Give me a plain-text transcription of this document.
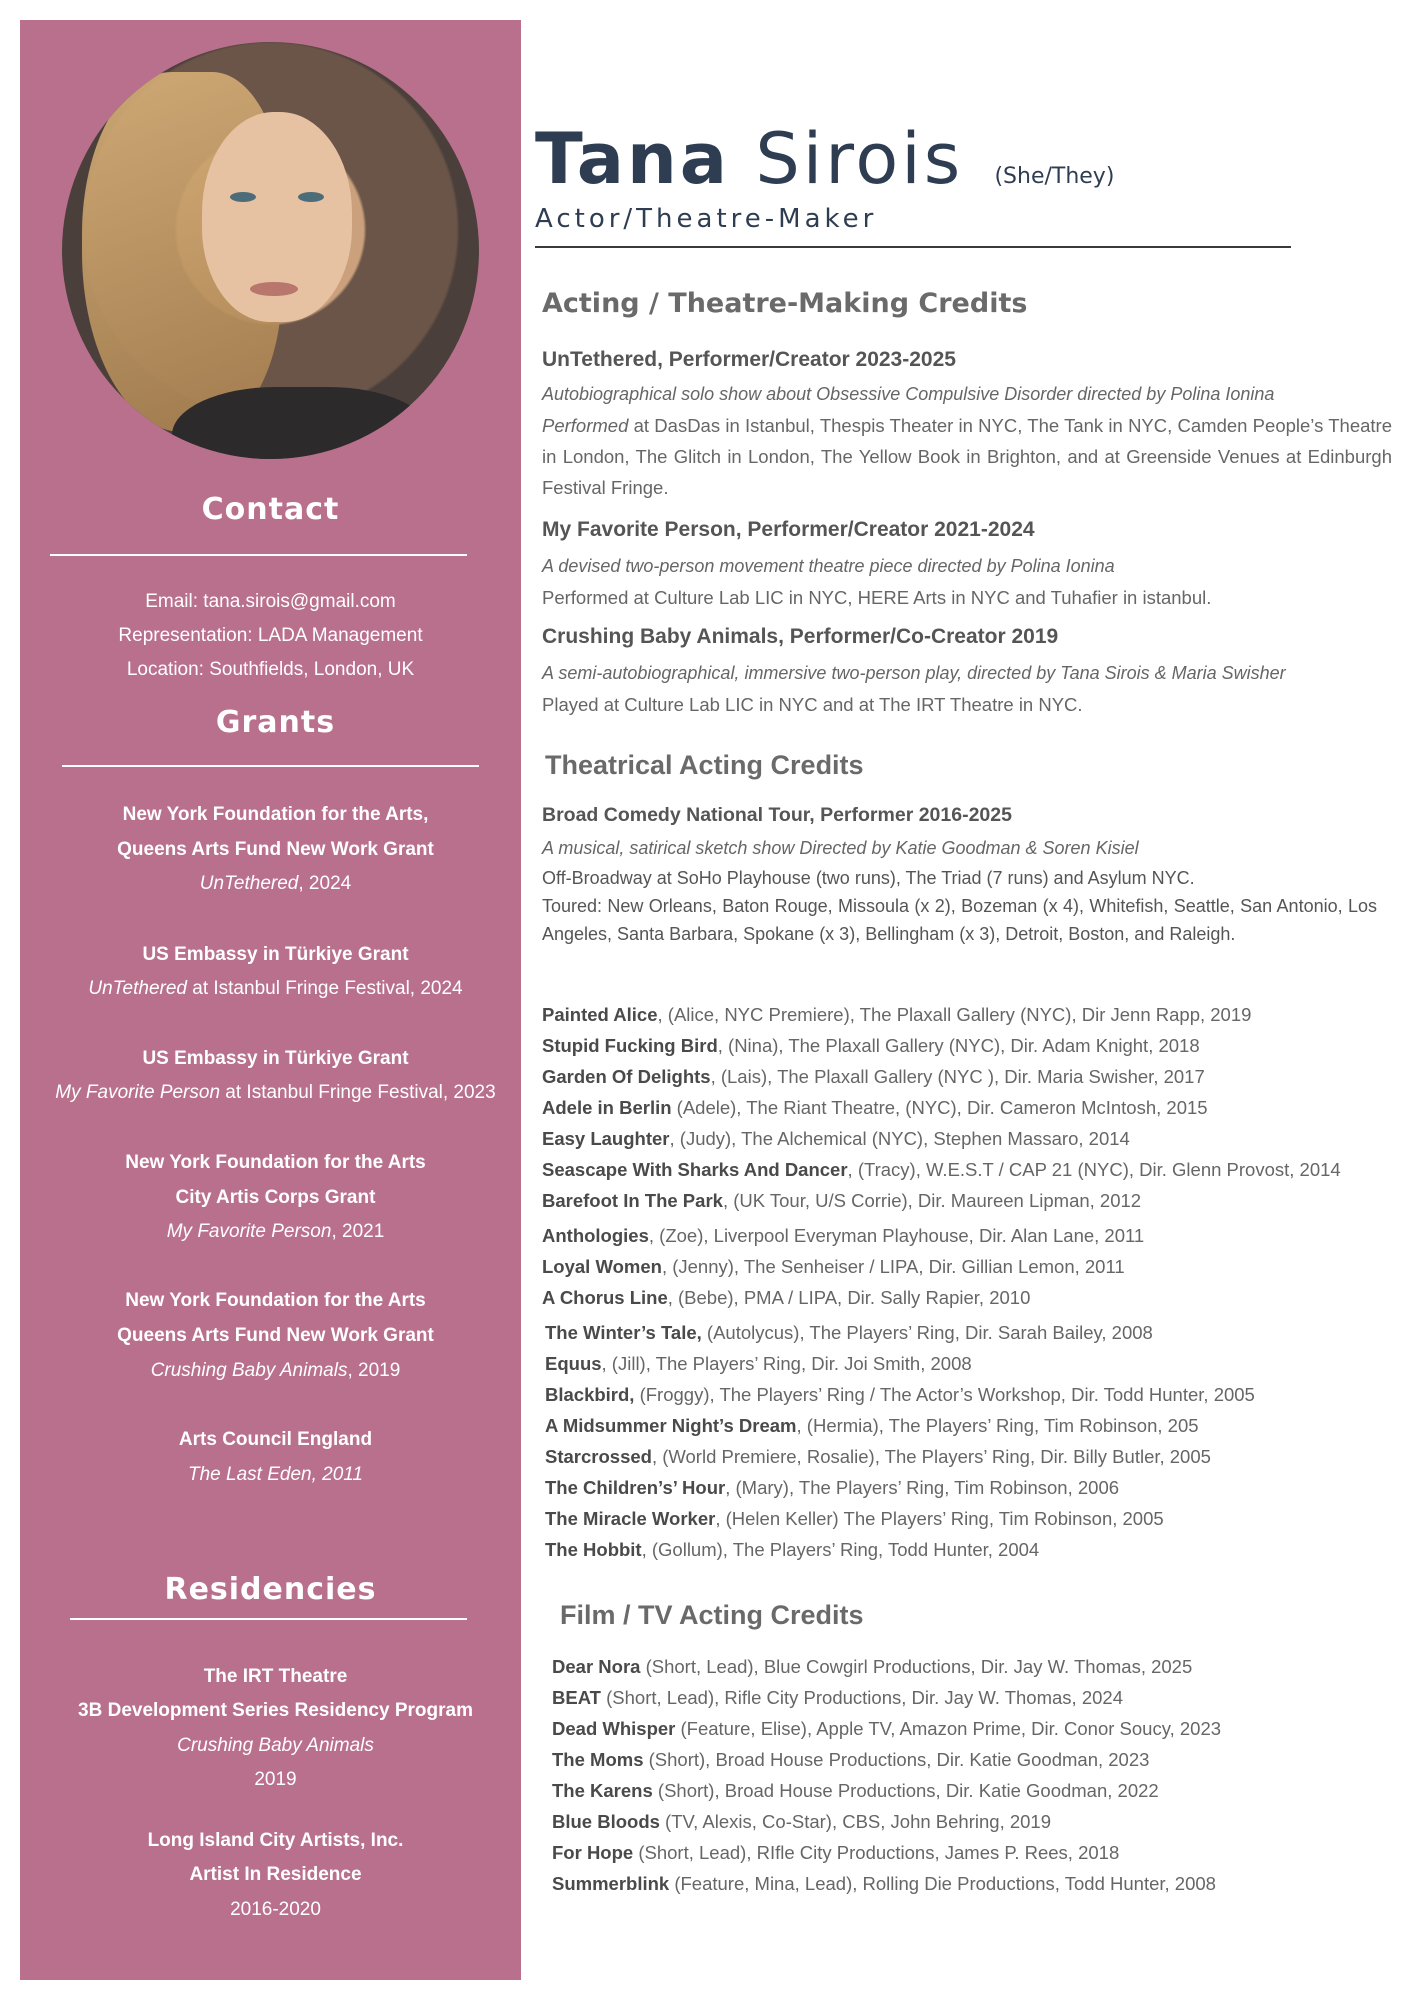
Contact
Email: tana.sirois@gmail.com
Representation: LADA Management
Location: Southfields, London, UK
Grants
New York Foundation for the Arts,
Queens Arts Fund New Work Grant
UnTethered, 2024
US Embassy in Türkiye Grant
UnTethered at Istanbul Fringe Festival, 2024
US Embassy in Türkiye Grant
My Favorite Person at Istanbul Fringe Festival, 2023
New York Foundation for the Arts
City Artis Corps Grant
My Favorite Person, 2021
New York Foundation for the Arts
Queens Arts Fund New Work Grant
Crushing Baby Animals, 2019
Arts Council England
The Last Eden, 2011
Residencies
The IRT Theatre
3B Development Series Residency Program
Crushing Baby Animals
2019
Long Island City Artists, Inc.
Artist In Residence
2016-2020
Tana Sirois (She/They)
Actor/Theatre-Maker
Acting / Theatre-Making Credits
UnTethered, Performer/Creator 2023-2025
Autobiographical solo show about Obsessive Compulsive Disorder directed by Polina Ionina
Performed at DasDas in Istanbul, Thespis Theater in NYC, The Tank in NYC, Camden People’s Theatre in London, The Glitch in London, The Yellow Book in Brighton, and at Greenside Venues at Edinburgh Festival Fringe.
My Favorite Person, Performer/Creator 2021-2024
A devised two-person movement theatre piece directed by Polina Ionina
Performed at Culture Lab LIC in NYC, HERE Arts in NYC and Tuhafier in istanbul.
Crushing Baby Animals, Performer/Co-Creator 2019
A semi-autobiographical, immersive two-person play, directed by Tana Sirois & Maria Swisher
Played at Culture Lab LIC in NYC and at The IRT Theatre in NYC.
Theatrical Acting Credits
Broad Comedy National Tour, Performer 2016-2025
A musical, satirical sketch show Directed by Katie Goodman & Soren Kisiel
Off-Broadway at SoHo Playhouse (two runs), The Triad (7 runs) and Asylum NYC.
Toured: New Orleans, Baton Rouge, Missoula (x 2), Bozeman (x 4), Whitefish, Seattle, San Antonio, Los Angeles, Santa Barbara, Spokane (x 3), Bellingham (x 3), Detroit, Boston, and Raleigh.
Painted Alice, (Alice, NYC Premiere), The Plaxall Gallery (NYC), Dir Jenn Rapp, 2019
Stupid Fucking Bird, (Nina), The Plaxall Gallery (NYC), Dir. Adam Knight, 2018
Garden Of Delights, (Lais), The Plaxall Gallery (NYC ), Dir. Maria Swisher, 2017
Adele in Berlin (Adele), The Riant Theatre, (NYC), Dir. Cameron McIntosh, 2015
Easy Laughter, (Judy), The Alchemical (NYC), Stephen Massaro, 2014
Seascape With Sharks And Dancer, (Tracy), W.E.S.T / CAP 21 (NYC), Dir. Glenn Provost, 2014
Barefoot In The Park, (UK Tour, U/S Corrie), Dir. Maureen Lipman, 2012
Anthologies, (Zoe), Liverpool Everyman Playhouse, Dir. Alan Lane, 2011
Loyal Women, (Jenny), The Senheiser / LIPA, Dir. Gillian Lemon, 2011
A Chorus Line, (Bebe), PMA / LIPA, Dir. Sally Rapier, 2010
The Winter’s Tale, (Autolycus), The Players’ Ring, Dir. Sarah Bailey, 2008
Equus, (Jill), The Players’ Ring, Dir. Joi Smith, 2008
Blackbird, (Froggy), The Players’ Ring / The Actor’s Workshop, Dir. Todd Hunter, 2005
A Midsummer Night’s Dream, (Hermia), The Players’ Ring, Tim Robinson, 205
Starcrossed, (World Premiere, Rosalie), The Players’ Ring, Dir. Billy Butler, 2005
The Children’s’ Hour, (Mary), The Players’ Ring, Tim Robinson, 2006
The Miracle Worker, (Helen Keller) The Players’ Ring, Tim Robinson, 2005
The Hobbit, (Gollum), The Players’ Ring, Todd Hunter, 2004
Film / TV Acting Credits
Dear Nora (Short, Lead), Blue Cowgirl Productions, Dir. Jay W. Thomas, 2025
BEAT (Short, Lead), Rifle City Productions, Dir. Jay W. Thomas, 2024
Dead Whisper (Feature, Elise), Apple TV, Amazon Prime, Dir. Conor Soucy, 2023
The Moms (Short), Broad House Productions, Dir. Katie Goodman, 2023
The Karens (Short), Broad House Productions, Dir. Katie Goodman, 2022
Blue Bloods (TV, Alexis, Co-Star), CBS, John Behring, 2019
For Hope (Short, Lead), RIfle City Productions, James P. Rees, 2018
Summerblink (Feature, Mina, Lead), Rolling Die Productions, Todd Hunter, 2008
